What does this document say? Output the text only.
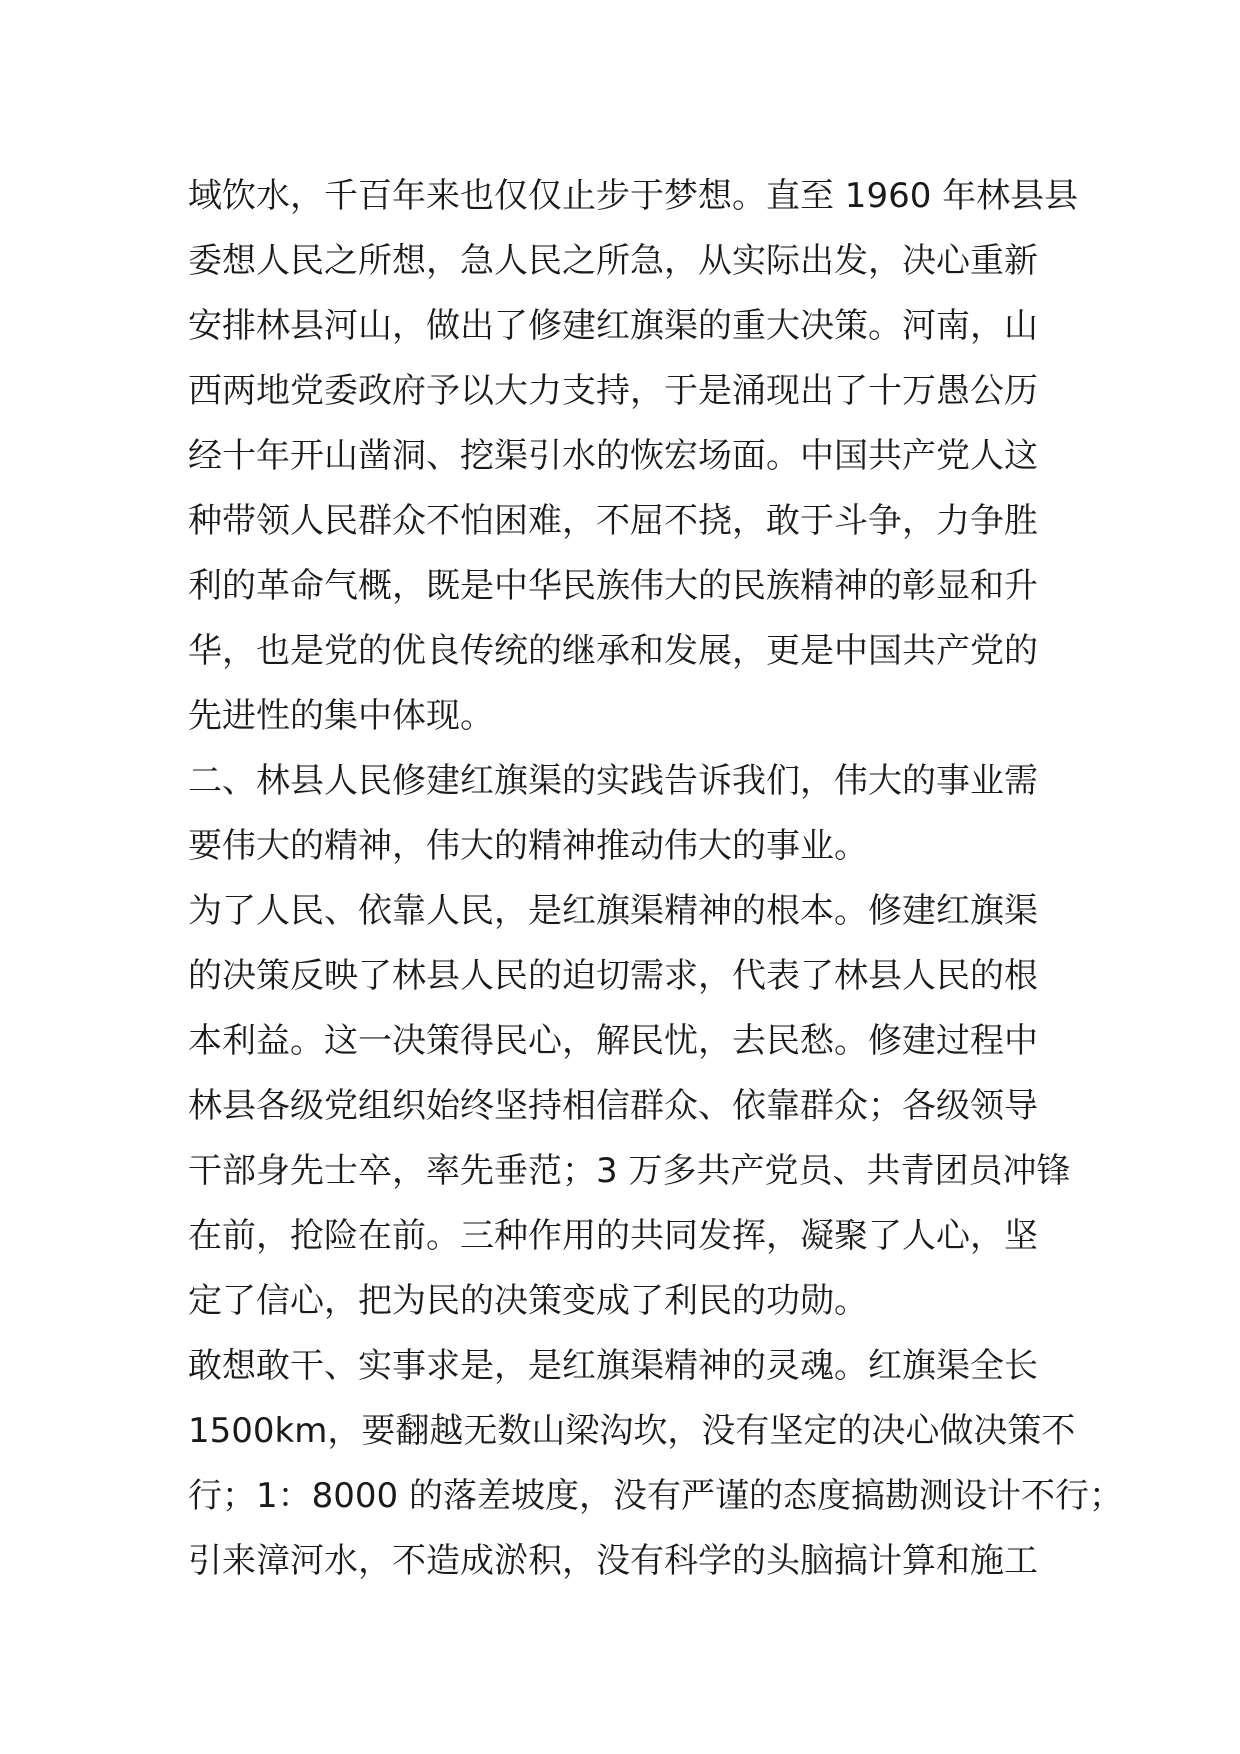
域饮水，千百年来也仅仅止步于梦想。直至 1960 年林县县
委想人民之所想，急人民之所急，从实际出发，决心重新
安排林县河山，做出了修建红旗渠的重大决策。河南，山
西两地党委政府予以大力支持，于是涌现出了十万愚公历
经十年开山凿洞、挖渠引水的恢宏场面。中国共产党人这
种带领人民群众不怕困难，不屈不挠，敢于斗争，力争胜
利的革命气概，既是中华民族伟大的民族精神的彰显和升
华，也是党的优良传统的继承和发展，更是中国共产党的
先进性的集中体现。
二、林县人民修建红旗渠的实践告诉我们，伟大的事业需
要伟大的精神，伟大的精神推动伟大的事业。
为了人民、依靠人民，是红旗渠精神的根本。修建红旗渠
的决策反映了林县人民的迫切需求，代表了林县人民的根
本利益。这一决策得民心，解民忧，去民愁。修建过程中
林县各级党组织始终坚持相信群众、依靠群众；各级领导
干部身先士卒，率先垂范；3 万多共产党员、共青团员冲锋
在前，抢险在前。三种作用的共同发挥，凝聚了人心，坚
定了信心，把为民的决策变成了利民的功勋。
敢想敢干、实事求是，是红旗渠精神的灵魂。红旗渠全长
1500km，要翻越无数山梁沟坎，没有坚定的决心做决策不
行；1：8000 的落差坡度，没有严谨的态度搞勘测设计不行；
引来漳河水，不造成淤积，没有科学的头脑搞计算和施工
